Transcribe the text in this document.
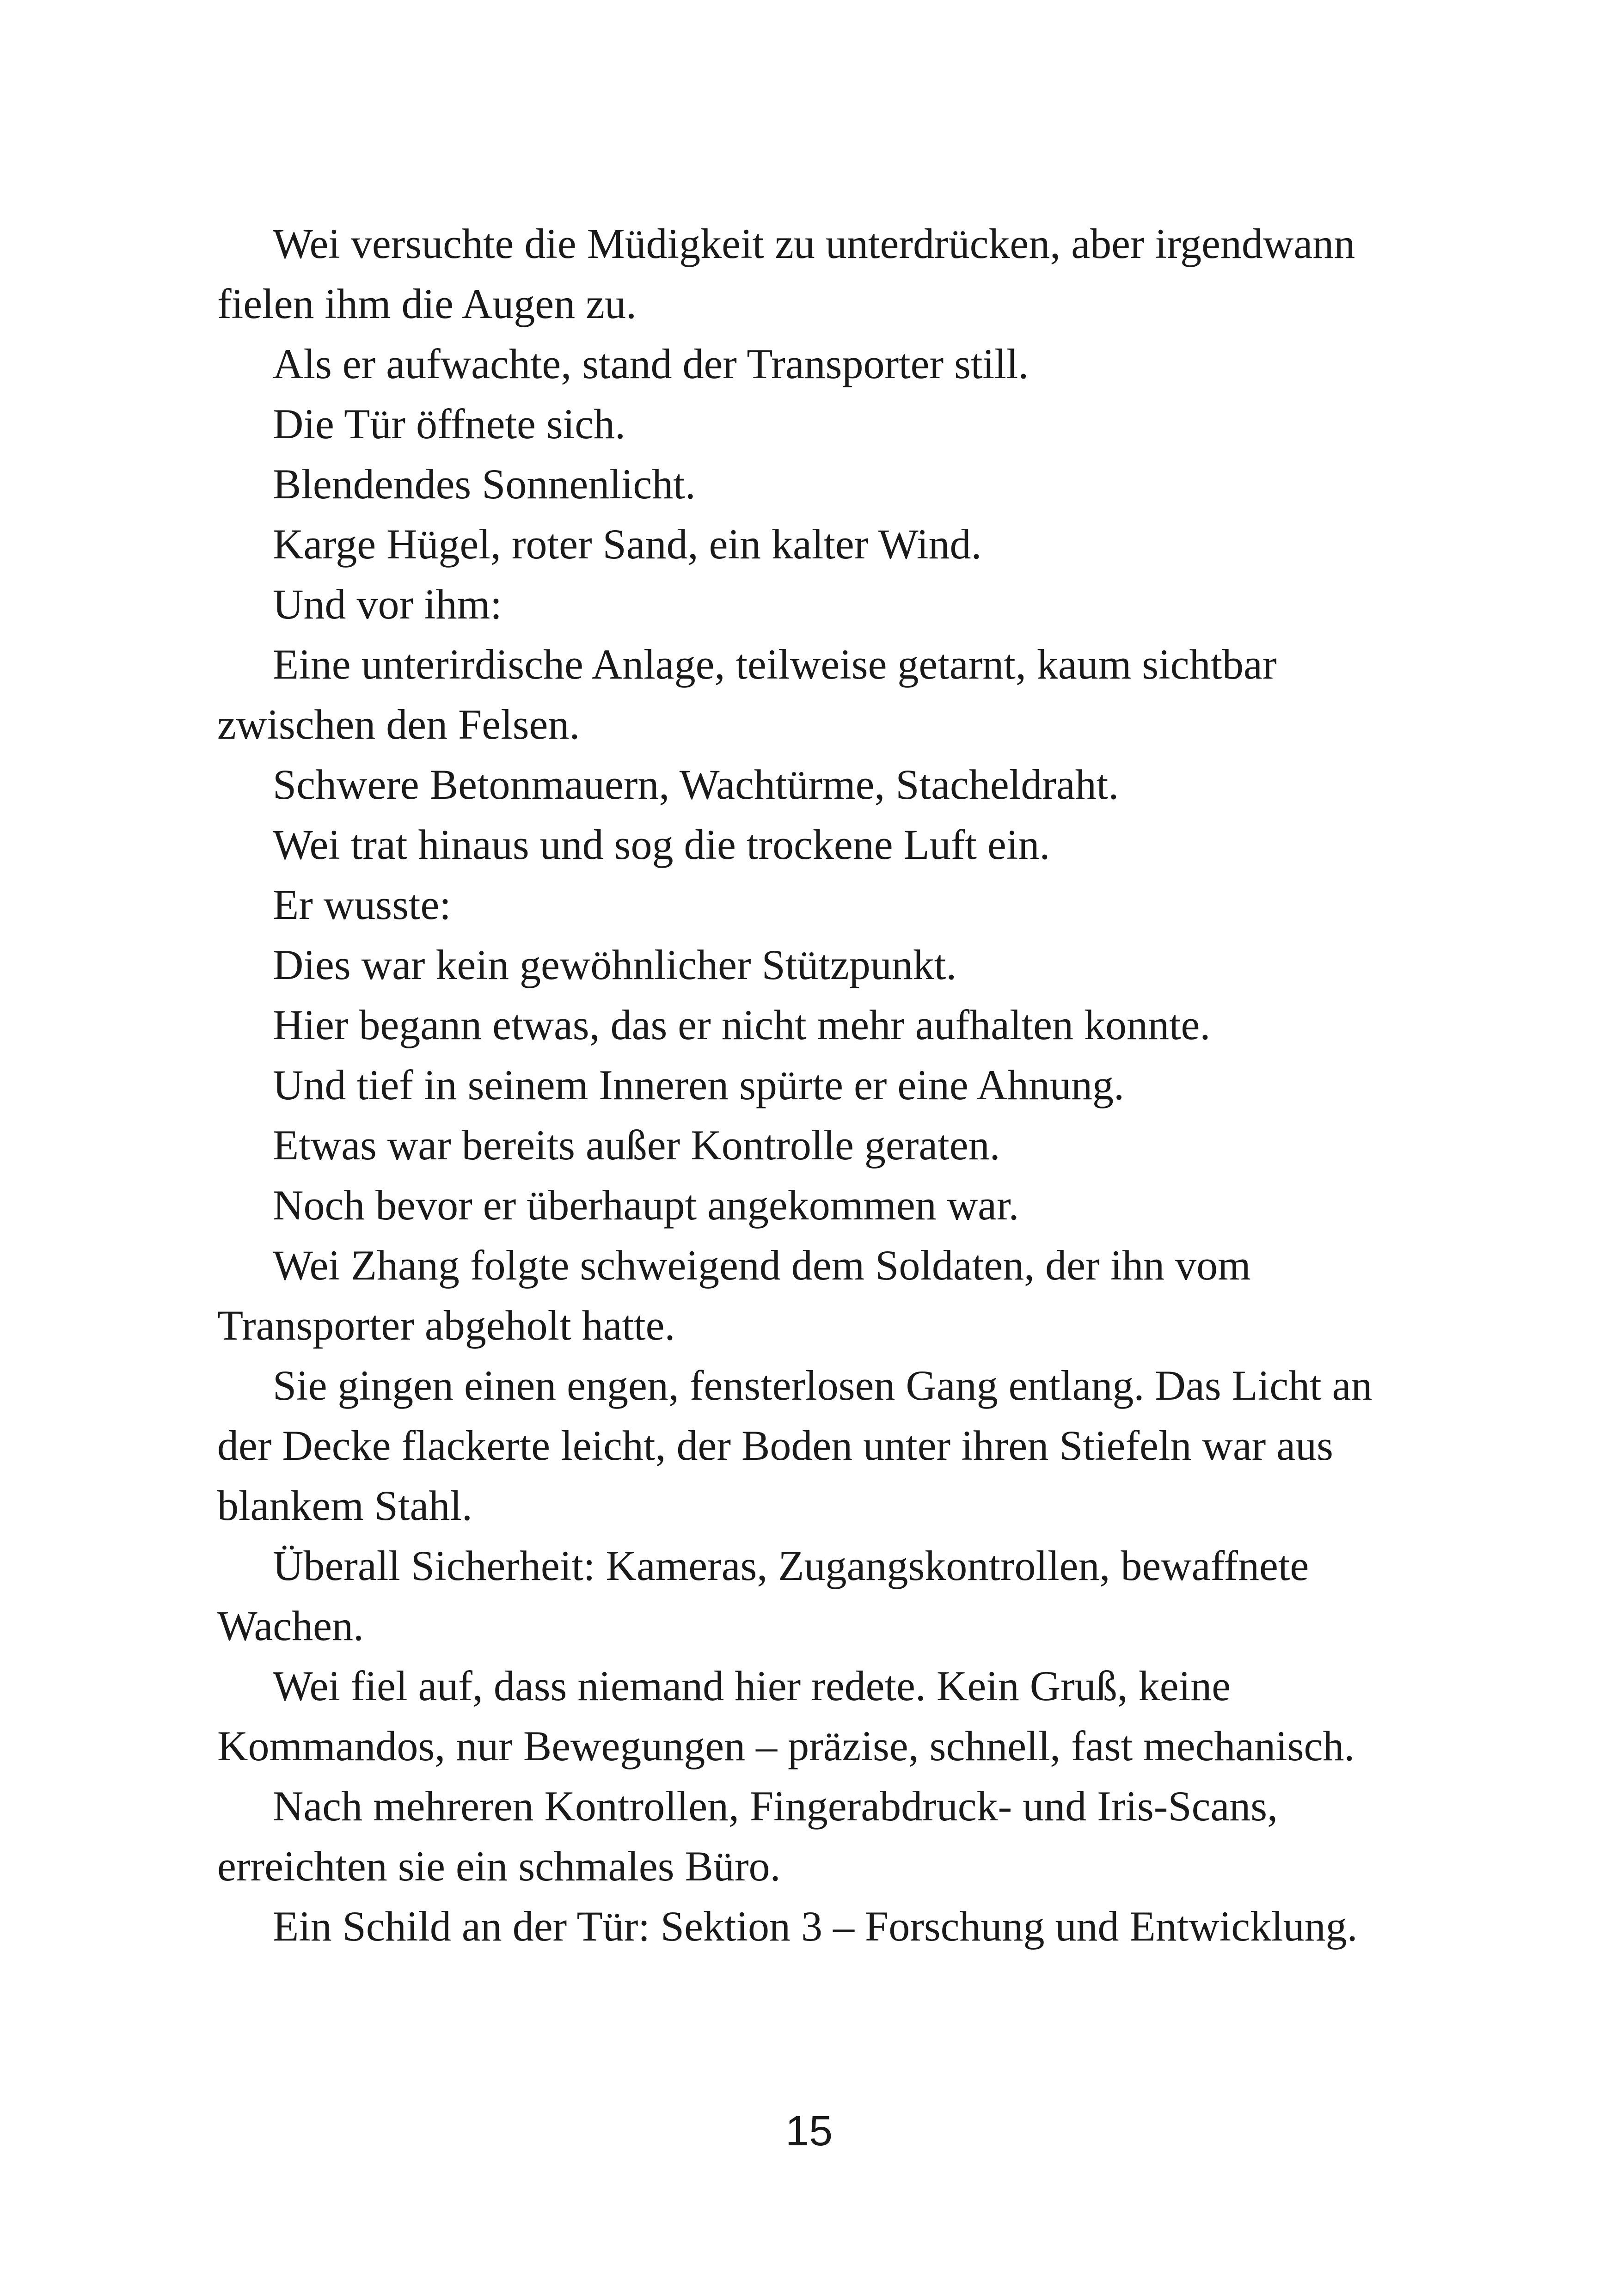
Wei versuchte die Müdigkeit zu unterdrücken, aber irgendwann fielen ihm die Augen zu.

Als er aufwachte, stand der Transporter still.

Die Tür öffnete sich.

Blendendes Sonnenlicht.

Karge Hügel, roter Sand, ein kalter Wind.

Und vor ihm:

Eine unterirdische Anlage, teilweise getarnt, kaum sichtbar zwischen den Felsen.

Schwere Betonmauern, Wachtürme, Stacheldraht.

Wei trat hinaus und sog die trockene Luft ein.

Er wusste:

Dies war kein gewöhnlicher Stützpunkt.

Hier begann etwas, das er nicht mehr aufhalten konnte.

Und tief in seinem Inneren spürte er eine Ahnung.

Etwas war bereits außer Kontrolle geraten.

Noch bevor er überhaupt angekommen war.

Wei Zhang folgte schweigend dem Soldaten, der ihn vom Transporter abgeholt hatte.

Sie gingen einen engen, fensterlosen Gang entlang. Das Licht an der Decke flackerte leicht, der Boden unter ihren Stiefeln war aus blankem Stahl.

Überall Sicherheit: Kameras, Zugangskontrollen, bewaffnete Wachen.

Wei fiel auf, dass niemand hier redete. Kein Gruß, keine Kommandos, nur Bewegungen – präzise, schnell, fast mechanisch.

Nach mehreren Kontrollen, Fingerabdruck- und Iris-Scans, erreichten sie ein schmales Büro.

Ein Schild an der Tür: Sektion 3 – Forschung und Entwicklung.

15
